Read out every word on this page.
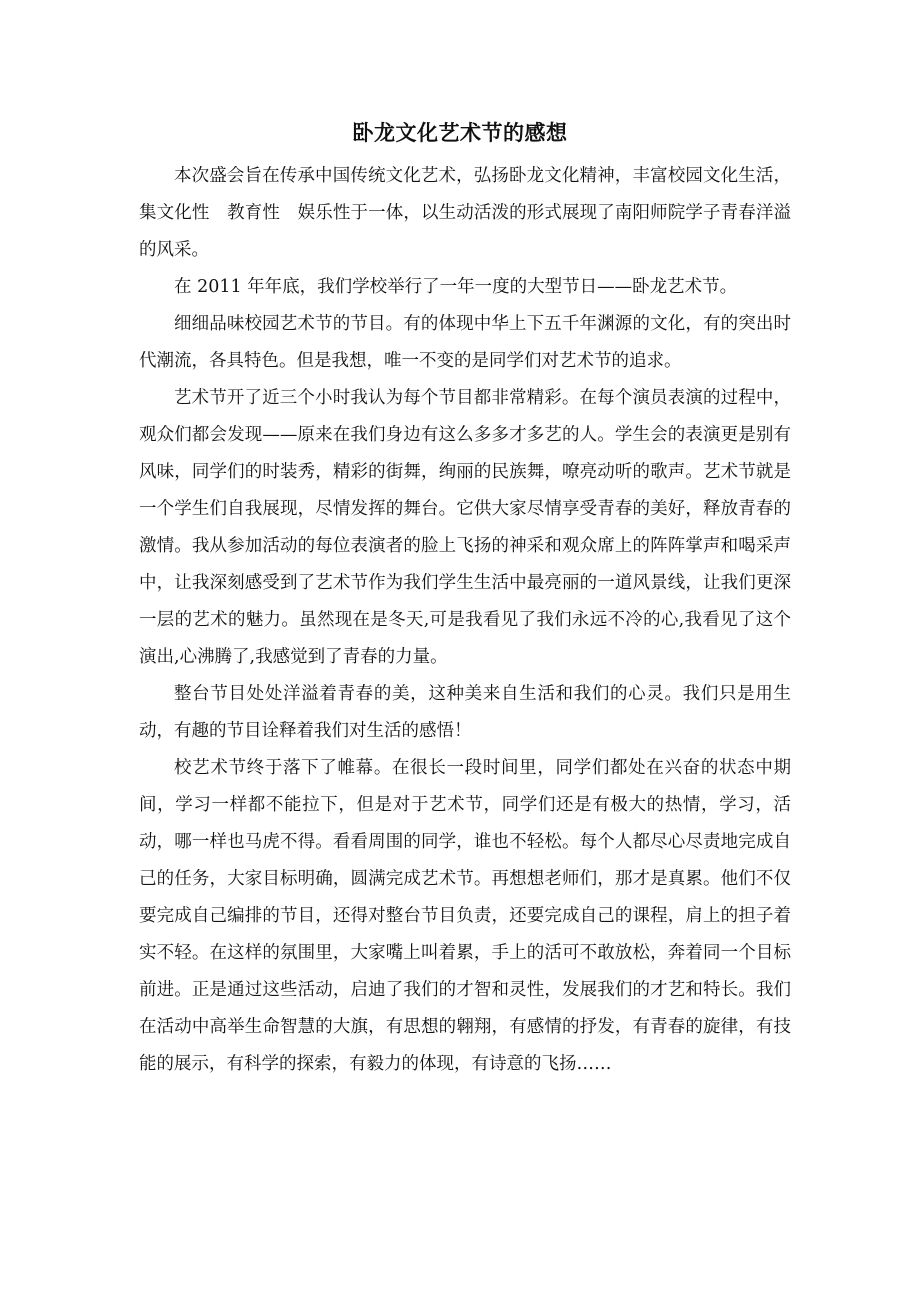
卧龙文化艺术节的感想

本次盛会旨在传承中国传统文化艺术，弘扬卧龙文化精神，丰富校园文化生活，集文化性　教育性　娱乐性于一体，以生动活泼的形式展现了南阳师院学子青春洋溢的风采。

在 2011 年年底，我们学校举行了一年一度的大型节日——卧龙艺术节。

细细品味校园艺术节的节目。有的体现中华上下五千年渊源的文化，有的突出时代潮流，各具特色。但是我想，唯一不变的是同学们对艺术节的追求。

艺术节开了近三个小时我认为每个节目都非常精彩。在每个演员表演的过程中，观众们都会发现——原来在我们身边有这么多多才多艺的人。学生会的表演更是别有风味，同学们的时装秀，精彩的街舞，绚丽的民族舞，嘹亮动听的歌声。艺术节就是一个学生们自我展现，尽情发挥的舞台。它供大家尽情享受青春的美好，释放青春的激情。我从参加活动的每位表演者的脸上飞扬的神采和观众席上的阵阵掌声和喝采声中，让我深刻感受到了艺术节作为我们学生生活中最亮丽的一道风景线，让我们更深一层的艺术的魅力。虽然现在是冬天,可是我看见了我们永远不冷的心,我看见了这个演出,心沸腾了,我感觉到了青春的力量。

整台节目处处洋溢着青春的美，这种美来自生活和我们的心灵。我们只是用生动，有趣的节目诠释着我们对生活的感悟！

校艺术节终于落下了帷幕。在很长一段时间里，同学们都处在兴奋的状态中期间，学习一样都不能拉下，但是对于艺术节，同学们还是有极大的热情，学习，活动，哪一样也马虎不得。看看周围的同学，谁也不轻松。每个人都尽心尽责地完成自己的任务，大家目标明确，圆满完成艺术节。再想想老师们，那才是真累。他们不仅要完成自己编排的节目，还得对整台节目负责，还要完成自己的课程，肩上的担子着实不轻。在这样的氛围里，大家嘴上叫着累，手上的活可不敢放松，奔着同一个目标前进。正是通过这些活动，启迪了我们的才智和灵性，发展我们的才艺和特长。我们在活动中高举生命智慧的大旗，有思想的翱翔，有感情的抒发，有青春的旋律，有技能的展示，有科学的探索，有毅力的体现，有诗意的飞扬……
